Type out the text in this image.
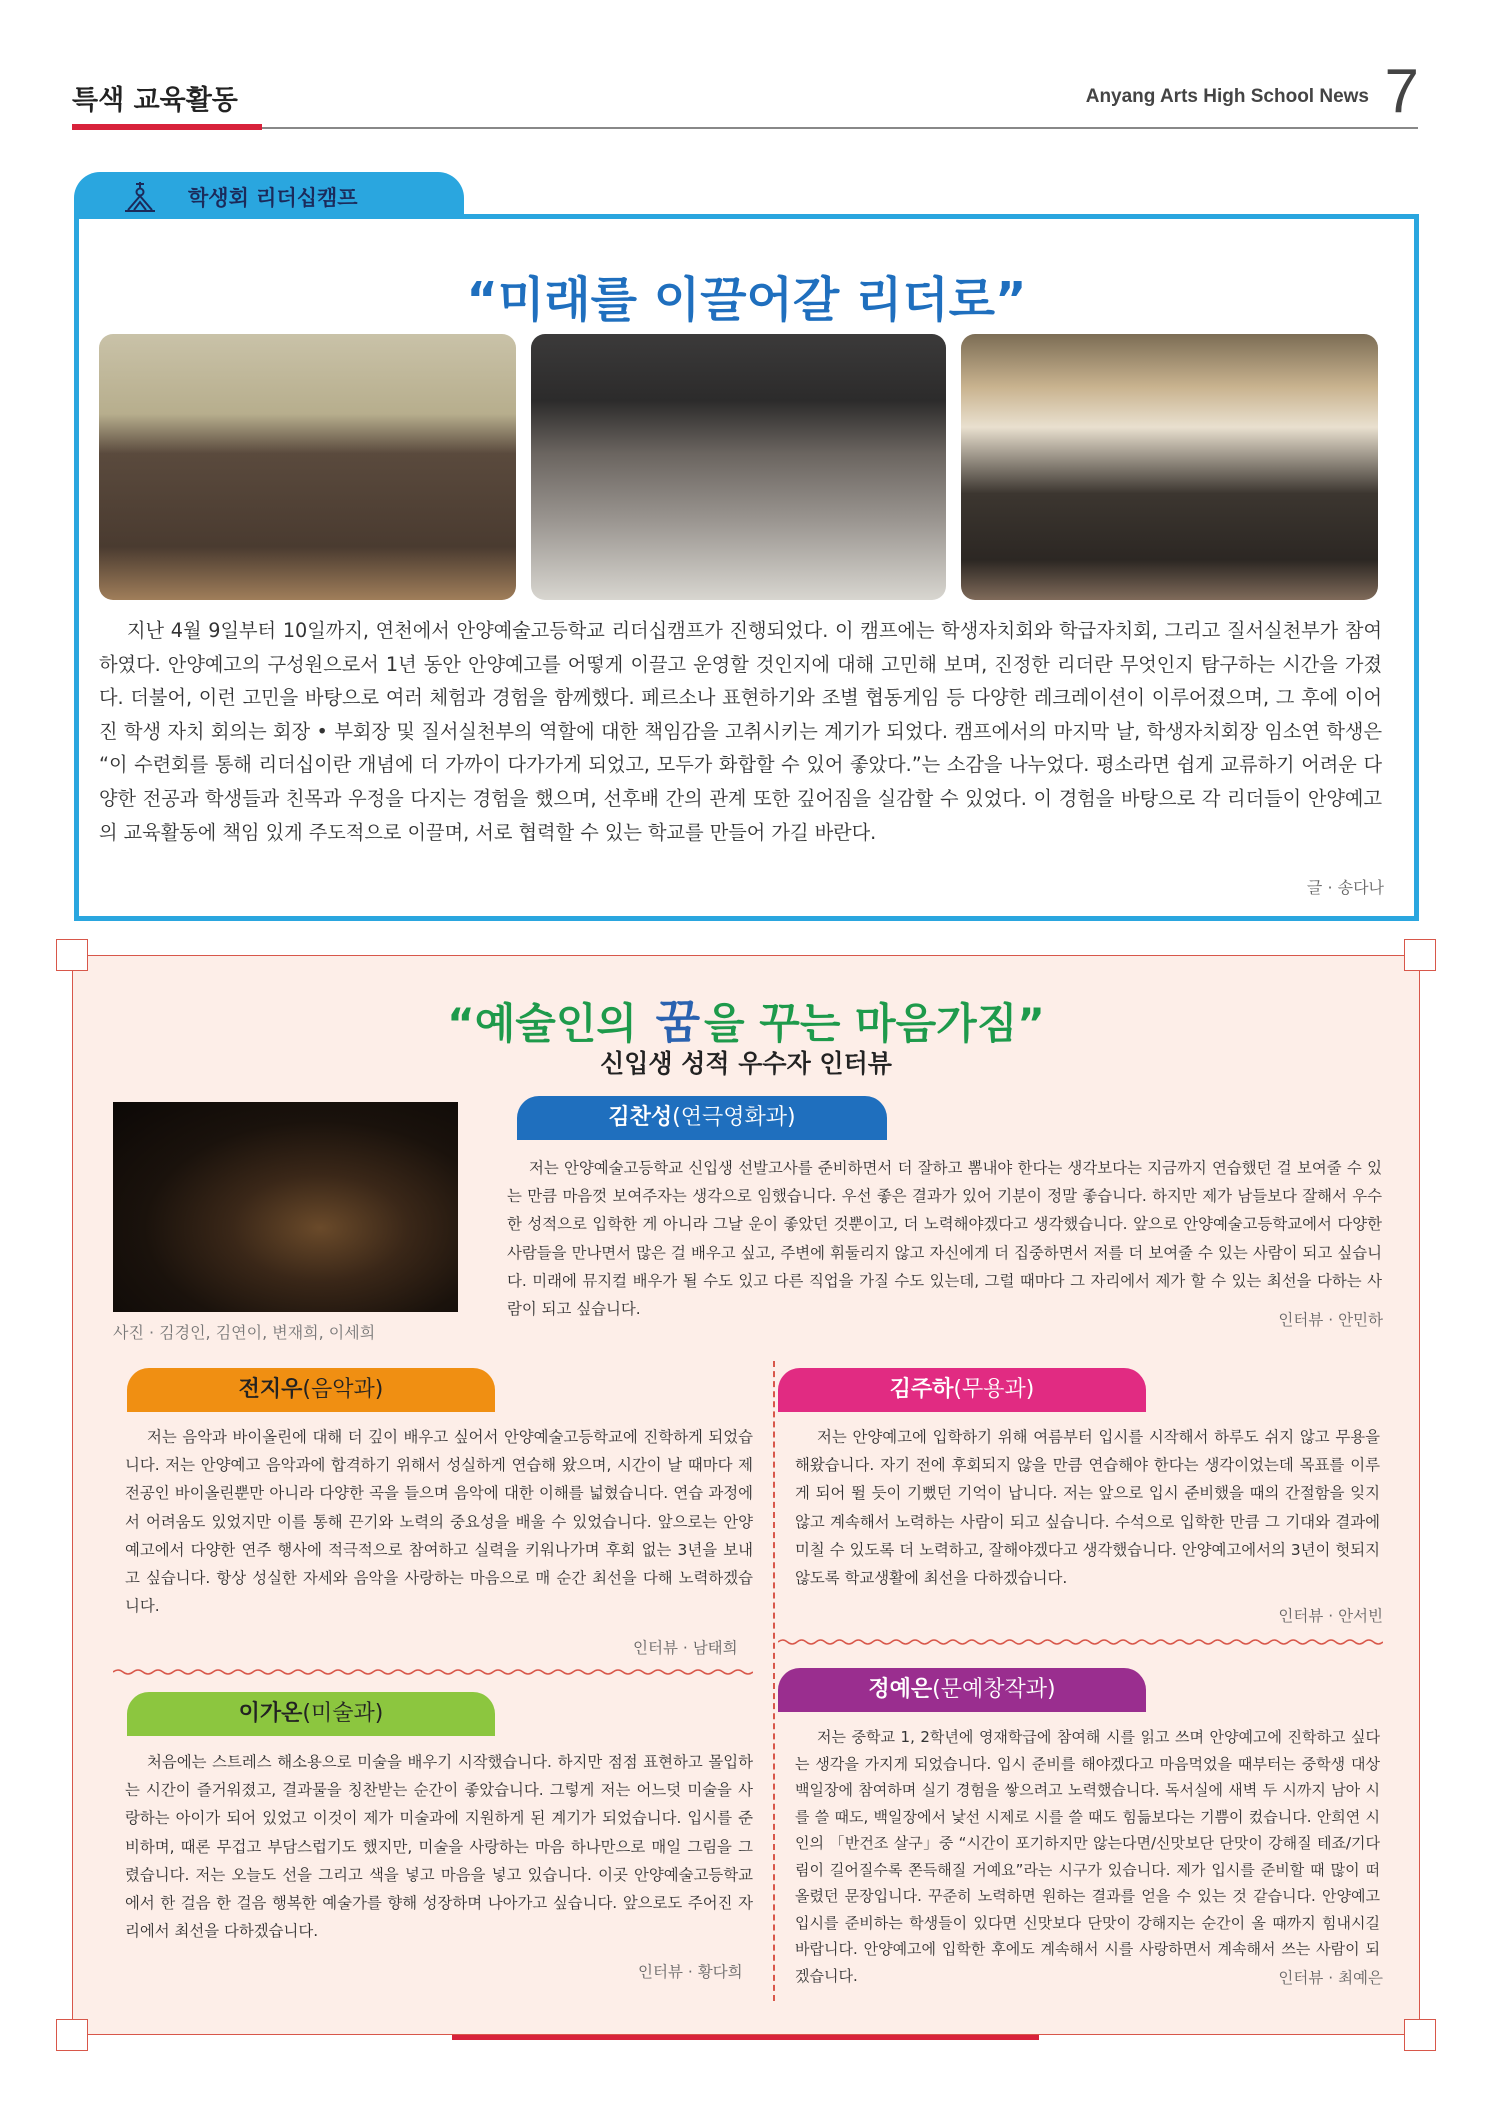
특색 교육활동	Anyang Arts High School News 7
학생회 리더십캠프
“미래를 이끌어갈 리더로”

지난 4월 9일부터 10일까지, 연천에서 안양예술고등학교 리더십캠프가 진행되었다. 이 캠프에는 학생자치회와 학급자치회, 그리고 질서실천부가 참여하였다. 안양예고의 구성원으로서 1년 동안 안양예고를 어떻게 이끌고 운영할 것인지에 대해 고민해 보며, 진정한 리더란 무엇인지 탐구하는 시간을 가졌다. 더불어, 이런 고민을 바탕으로 여러 체험과 경험을 함께했다. 페르소나 표현하기와 조별 협동게임 등 다양한 레크레이션이 이루어졌으며, 그 후에 이어진 학생 자치 회의는 회장 • 부회장 및 질서실천부의 역할에 대한 책임감을 고취시키는 계기가 되었다. 캠프에서의 마지막 날, 학생자치회장 임소연 학생은 “이 수련회를 통해 리더십이란 개념에 더 가까이 다가가게 되었고, 모두가 화합할 수 있어 좋았다.”는 소감을 나누었다. 평소라면 쉽게 교류하기 어려운 다양한 전공과 학생들과 친목과 우정을 다지는 경험을 했으며, 선후배 간의 관계 또한 깊어짐을 실감할 수 있었다. 이 경험을 바탕으로 각 리더들이 안양예고의 교육활동에 책임 있게 주도적으로 이끌며, 서로 협력할 수 있는 학교를 만들어 가길 바란다.

글 · 송다나
“예술인의 꿈을 꾸는 마음가짐”
신입생 성적 우수자 인터뷰
사진 · 김경인, 김연이, 변재희, 이세희
김찬성(연극영화과)

저는 안양예술고등학교 신입생 선발고사를 준비하면서 더 잘하고 뽐내야 한다는 생각보다는 지금까지 연습했던 걸 보여줄 수 있는 만큼 마음껏 보여주자는 생각으로 임했습니다. 우선 좋은 결과가 있어 기분이 정말 좋습니다. 하지만 제가 남들보다 잘해서 우수한 성적으로 입학한 게 아니라 그날 운이 좋았던 것뿐이고, 더 노력해야겠다고 생각했습니다. 앞으로 안양예술고등학교에서 다양한 사람들을 만나면서 많은 걸 배우고 싶고, 주변에 휘둘리지 않고 자신에게 더 집중하면서 저를 더 보여줄 수 있는 사람이 되고 싶습니다. 미래에 뮤지컬 배우가 될 수도 있고 다른 직업을 가질 수도 있는데, 그럴 때마다 그 자리에서 제가 할 수 있는 최선을 다하는 사람이 되고 싶습니다.

인터뷰 · 안민하
전지우(음악과)

저는 음악과 바이올린에 대해 더 깊이 배우고 싶어서 안양예술고등학교에 진학하게 되었습니다. 저는 안양예고 음악과에 합격하기 위해서 성실하게 연습해 왔으며, 시간이 날 때마다 제 전공인 바이올린뿐만 아니라 다양한 곡을 들으며 음악에 대한 이해를 넓혔습니다. 연습 과정에서 어려움도 있었지만 이를 통해 끈기와 노력의 중요성을 배울 수 있었습니다. 앞으로는 안양예고에서 다양한 연주 행사에 적극적으로 참여하고 실력을 키워나가며 후회 없는 3년을 보내고 싶습니다. 항상 성실한 자세와 음악을 사랑하는 마음으로 매 순간 최선을 다해 노력하겠습니다.

인터뷰 · 남태희
김주하(무용과)

저는 안양예고에 입학하기 위해 여름부터 입시를 시작해서 하루도 쉬지 않고 무용을 해왔습니다. 자기 전에 후회되지 않을 만큼 연습해야 한다는 생각이었는데 목표를 이루게 되어 뛸 듯이 기뻤던 기억이 납니다. 저는 앞으로 입시 준비했을 때의 간절함을 잊지 않고 계속해서 노력하는 사람이 되고 싶습니다. 수석으로 입학한 만큼 그 기대와 결과에 미칠 수 있도록 더 노력하고, 잘해야겠다고 생각했습니다. 안양예고에서의 3년이 헛되지 않도록 학교생활에 최선을 다하겠습니다.

인터뷰 · 안서빈
이가온(미술과)

처음에는 스트레스 해소용으로 미술을 배우기 시작했습니다. 하지만 점점 표현하고 몰입하는 시간이 즐거워졌고, 결과물을 칭찬받는 순간이 좋았습니다. 그렇게 저는 어느덧 미술을 사랑하는 아이가 되어 있었고 이것이 제가 미술과에 지원하게 된 계기가 되었습니다. 입시를 준비하며, 때론 무겁고 부담스럽기도 했지만, 미술을 사랑하는 마음 하나만으로 매일 그림을 그렸습니다. 저는 오늘도 선을 그리고 색을 넣고 마음을 넣고 있습니다. 이곳 안양예술고등학교에서 한 걸음 한 걸음 행복한 예술가를 향해 성장하며 나아가고 싶습니다. 앞으로도 주어진 자리에서 최선을 다하겠습니다.

인터뷰 · 황다희
정예은(문예창작과)

저는 중학교 1, 2학년에 영재학급에 참여해 시를 읽고 쓰며 안양예고에 진학하고 싶다는 생각을 가지게 되었습니다. 입시 준비를 해야겠다고 마음먹었을 때부터는 중학생 대상 백일장에 참여하며 실기 경험을 쌓으려고 노력했습니다. 독서실에 새벽 두 시까지 남아 시를 쓸 때도, 백일장에서 낯선 시제로 시를 쓸 때도 힘듦보다는 기쁨이 컸습니다. 안희연 시인의 「반건조 살구」중 “시간이 포기하지만 않는다면/신맛보단 단맛이 강해질 테죠/기다림이 길어질수록 쫀득해질 거예요”라는 시구가 있습니다. 제가 입시를 준비할 때 많이 떠올렸던 문장입니다. 꾸준히 노력하면 원하는 결과를 얻을 수 있는 것 같습니다. 안양예고 입시를 준비하는 학생들이 있다면 신맛보다 단맛이 강해지는 순간이 올 때까지 힘내시길 바랍니다. 안양예고에 입학한 후에도 계속해서 시를 사랑하면서 계속해서 쓰는 사람이 되겠습니다.	인터뷰 · 최예은
